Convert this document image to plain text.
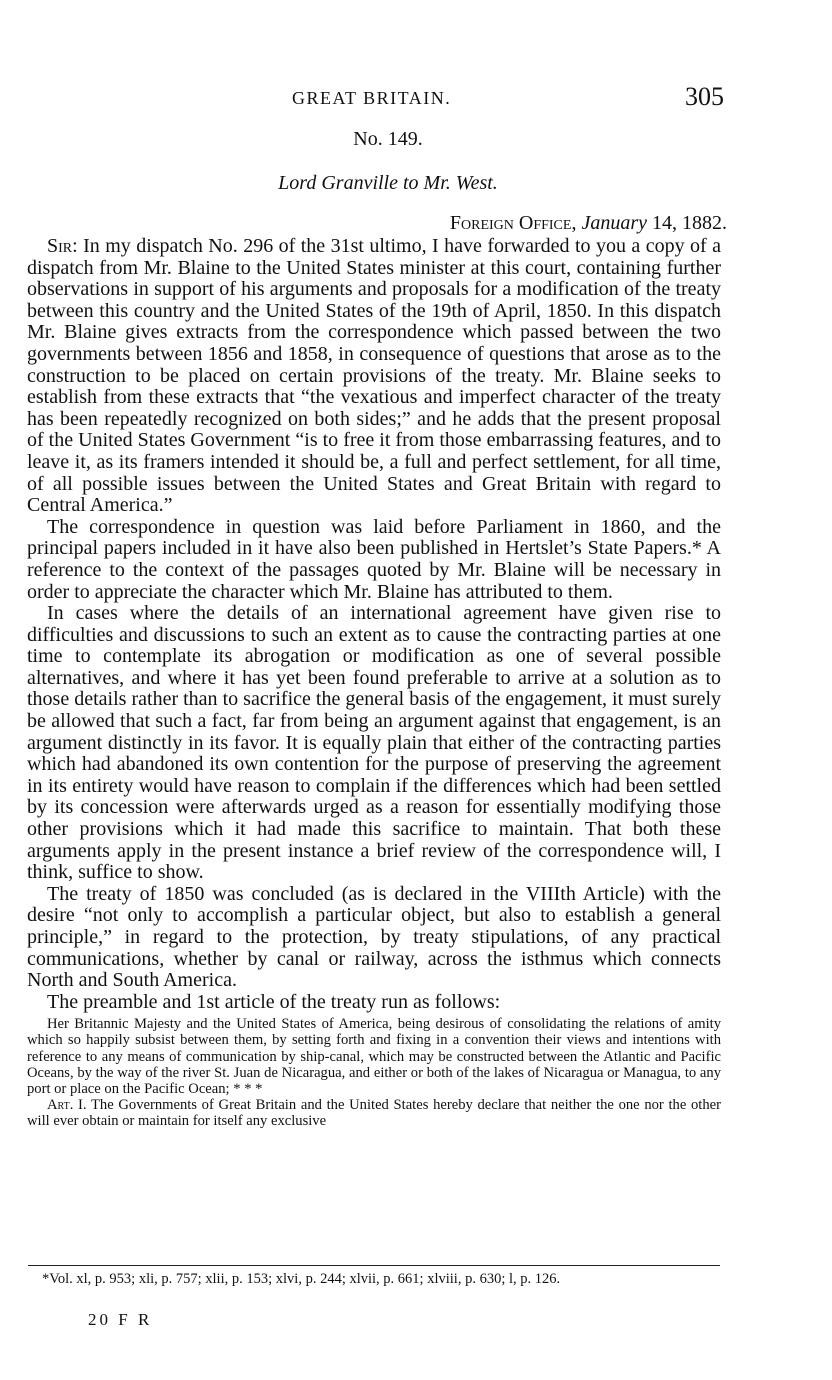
GREAT BRITAIN.	305
No. 149.
Lord Granville to Mr. West.
Foreign Office, January 14, 1882.

Sir: In my dispatch No. 296 of the 31st ultimo, I have forwarded to you a copy of a dispatch from Mr. Blaine to the United States minister at this court, containing further observations in support of his arguments and proposals for a modification of the treaty between this country and the United States of the 19th of April, 1850. In this dispatch Mr. Blaine gives extracts from the correspondence which passed between the two governments between 1856 and 1858, in consequence of questions that arose as to the construction to be placed on certain provisions of the treaty. Mr. Blaine seeks to establish from these extracts that “the vexatious and imperfect character of the treaty has been repeatedly recognized on both sides;” and he adds that the present proposal of the United States Government “is to free it from those embarrassing features, and to leave it, as its framers intended it should be, a full and perfect settlement, for all time, of all possible issues between the United States and Great Britain with regard to Central America.”

The correspondence in question was laid before Parliament in 1860, and the principal papers included in it have also been published in Hertslet’s State Papers.* A reference to the context of the passages quoted by Mr. Blaine will be necessary in order to appreciate the character which Mr. Blaine has attributed to them.

In cases where the details of an international agreement have given rise to difficulties and discussions to such an extent as to cause the contracting parties at one time to contemplate its abrogation or modification as one of several possible alternatives, and where it has yet been found preferable to arrive at a solution as to those details rather than to sacrifice the general basis of the engagement, it must surely be allowed that such a fact, far from being an argument against that engagement, is an argument distinctly in its favor. It is equally plain that either of the contracting parties which had abandoned its own contention for the purpose of preserving the agreement in its entirety would have reason to complain if the differences which had been settled by its concession were afterwards urged as a reason for essentially modifying those other provisions which it had made this sacrifice to maintain. That both these arguments apply in the present instance a brief review of the correspondence will, I think, suffice to show.

The treaty of 1850 was concluded (as is declared in the VIIIth Article) with the desire “not only to accomplish a particular object, but also to establish a general principle,” in regard to the protection, by treaty stipulations, of any practical communications, whether by canal or railway, across the isthmus which connects North and South America.

The preamble and 1st article of the treaty run as follows:

Her Britannic Majesty and the United States of America, being desirous of consolidating the relations of amity which so happily subsist between them, by setting forth and fixing in a convention their views and intentions with reference to any means of communication by ship-canal, which may be constructed between the Atlantic and Pacific Oceans, by the way of the river St. Juan de Nicaragua, and either or both of the lakes of Nicaragua or Managua, to any port or place on the Pacific Ocean; * * *

Art. I. The Governments of Great Britain and the United States hereby declare that neither the one nor the other will ever obtain or maintain for itself any exclusive

*Vol. xl, p. 953; xli, p. 757; xlii, p. 153; xlvi, p. 244; xlvii, p. 661; xlviii, p. 630; l, p. 126.
20 F R
